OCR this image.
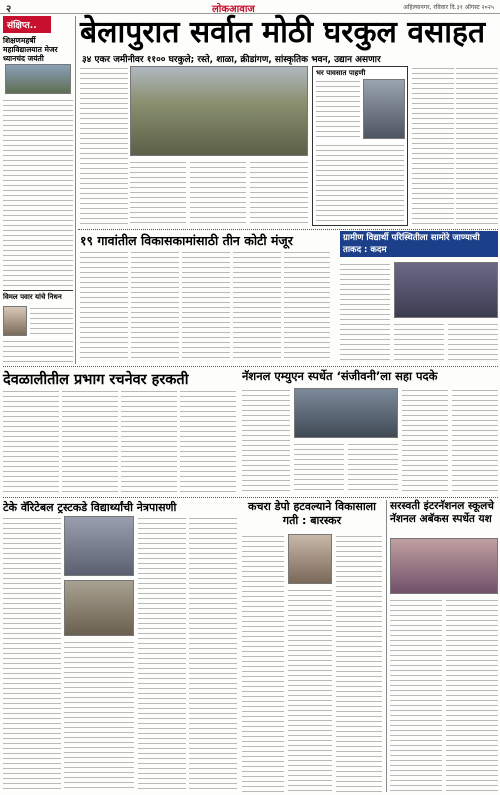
२	लोकआवाज	अहिल्यानगर, रविवार दि.३१ ऑगस्ट २०२५
संक्षिप्त..
शिक्षणमहर्षी महाविद्यालयात मेजर ध्यानचंद जयंती
विमल पवार यांचे निधन
बेलापुरात सर्वात मोठी घरकुल वसाहत
३४ एकर जमीनीवर ११०० घरकुले; रस्ते, शाळा, क्रीडांगण, सांस्कृतिक भवन, उद्यान असणार
भर पावसात पाहणी
१९ गावांतील विकासकामांसाठी तीन कोटी मंजूर	ग्रामीण विद्यार्थी परिस्थितीला सामोरे जाण्याची ताकद : कदम
देवळालीतील प्रभाग रचनेवर हरकती	नॅशनल एम्युएन स्पर्धेत ‘संजीवनी’ला सहा पदके
टेके वॅरिटेबल ट्रस्टकडे विद्यार्थ्यांची नेत्रपासणी	कचरा डेपो हटवल्याने विकासाला गती : बारस्कर
सरस्वती इंटरनॅशनल स्कूलचे नॅशनल अबॅकस स्पर्धेत यश
